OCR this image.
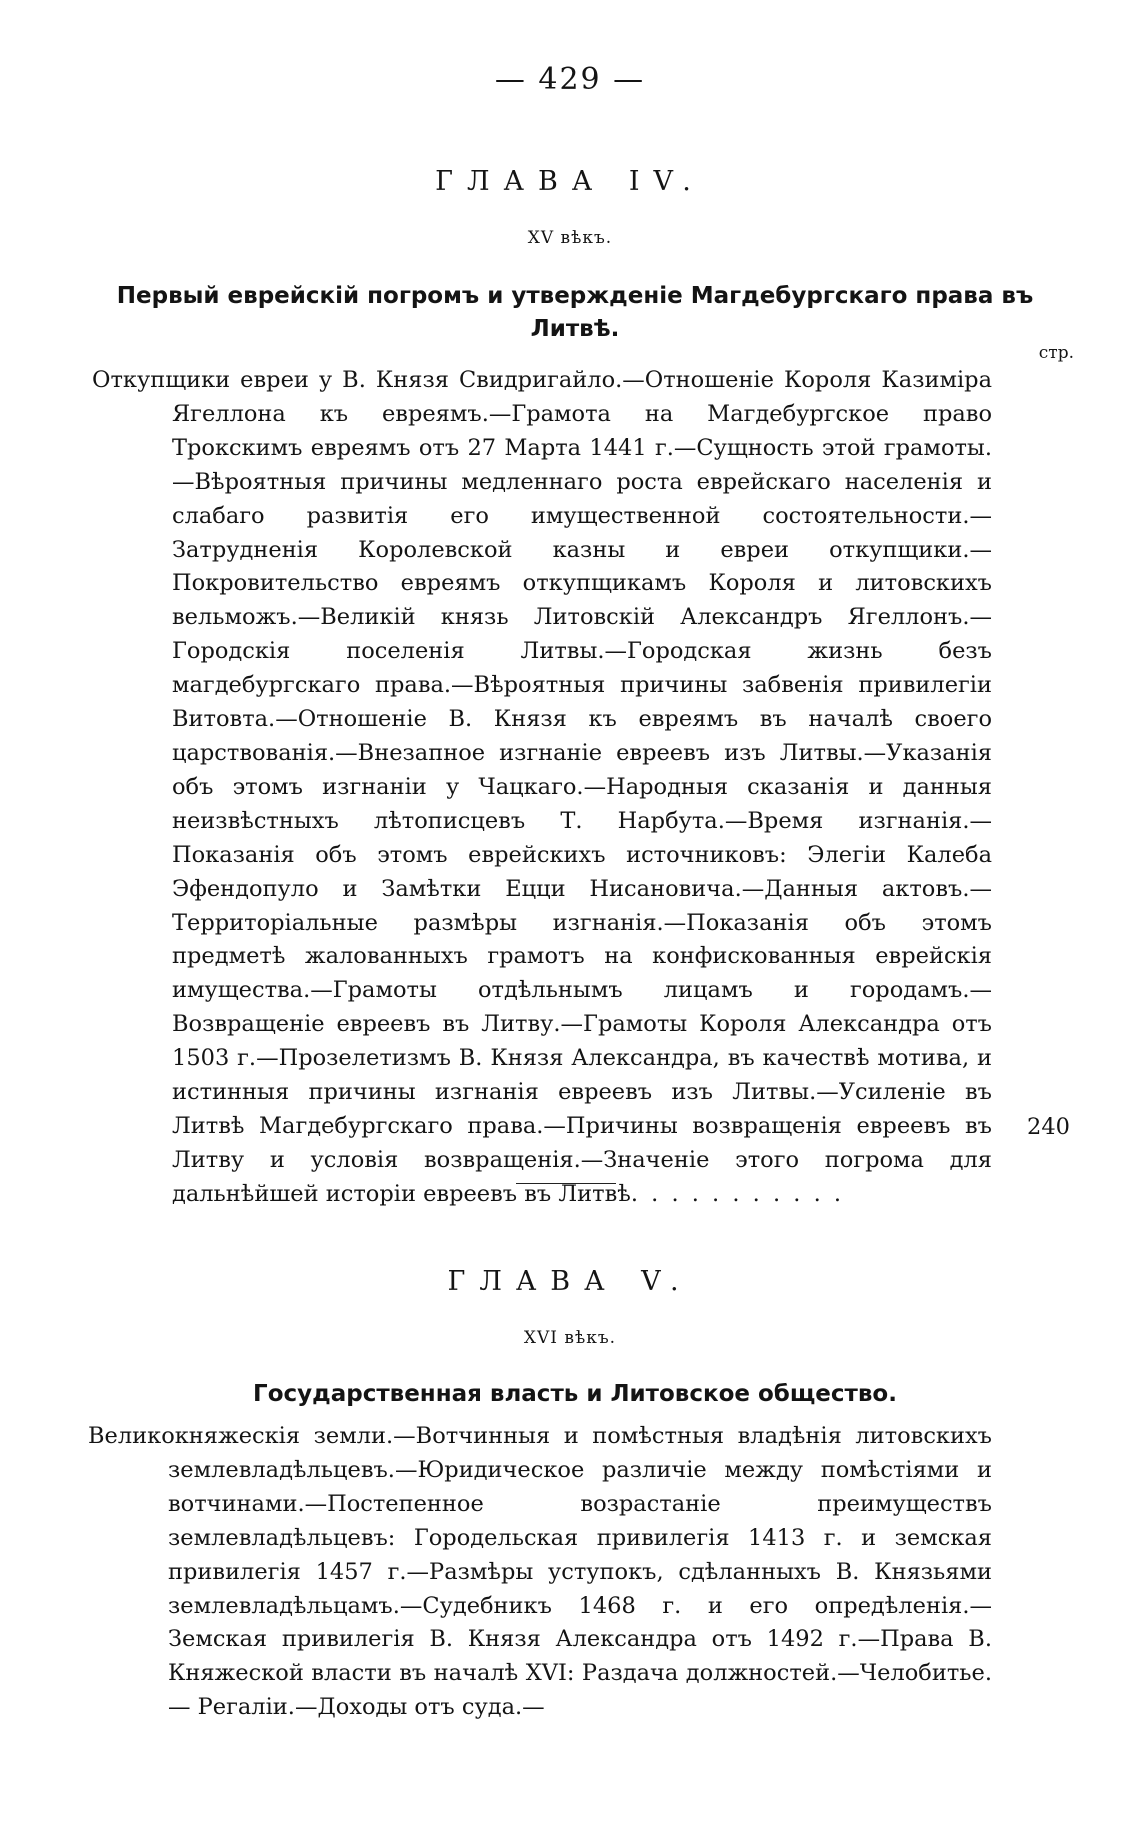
— 429 —
ГЛАВА IV.
XV вѣкъ.
Первый еврейскій погромъ и утвержденіе Магдебургскаго права въ Литвѣ.
стр.
Откупщики евреи у В. Князя Свидригайло.—Отношеніе Короля Казиміра Ягеллона къ евреямъ.—Грамота на Магдебургское право Трокскимъ евреямъ отъ 27 Марта 1441 г.—Сущность этой грамоты.—Вѣроятныя причины медленнаго роста еврейскаго населенія и слабаго развитія его имущественной состоятельности.—Затрудненія Королевской казны и евреи откупщики.—Покровительство евреямъ откупщикамъ Короля и литовскихъ вельможъ.—Великій князь Литовскій Александръ Ягеллонъ.—Городскія поселенія Литвы.—Городская жизнь безъ магдебургскаго права.—Вѣроятныя причины забвенія привилегіи Витовта.—Отношеніе В. Князя къ евреямъ въ началѣ своего царствованія.—Внезапное изгнаніе евреевъ изъ Литвы.—Указанія объ этомъ изгнаніи у Чацкаго.—Народныя сказанія и данныя неизвѣстныхъ лѣтописцевъ Т. Нарбута.—Время изгнанія.—Показанія объ этомъ еврейскихъ источниковъ: Элегіи Калеба Эфендопуло и Замѣтки Ецци Нисановича.—Данныя актовъ.—Территоріальные размѣры изгнанія.—Показанія объ этомъ предметѣ жалованныхъ грамотъ на конфискованныя еврейскія имущества.—Грамоты отдѣльнымъ лицамъ и городамъ.—Возвращеніе евреевъ въ Литву.—Грамоты Короля Александра отъ 1503 г.—Прозелетизмъ В. Князя Александра, въ качествѣ мотива, и истинныя причины изгнанія евреевъ изъ Литвы.—Усиленіе въ Литвѣ Магдебургскаго права.—Причины возвращенія евреевъ въ Литву и условія возвращенія.—Значеніе этого погрома для дальнѣйшей исторіи евреевъ въ Литвѣ. . . . . . . . . . .
240
ГЛАВА V.
XVI вѣкъ.
Государственная власть и Литовское общество.
Великокняжескія земли.—Вотчинныя и помѣстныя владѣнія литовскихъ землевладѣльцевъ.—Юридическое различіе между помѣстіями и вотчинами.—Постепенное возрастаніе преимуществъ землевладѣльцевъ: Городельская привилегія 1413 г. и земская привилегія 1457 г.—Размѣры уступокъ, сдѣланныхъ В. Князьями землевладѣльцамъ.—Судебникъ 1468 г. и его опредѣленія.—Земская привилегія В. Князя Александра отъ 1492 г.—Права В. Княжеской власти въ началѣ XVI: Раздача должностей.—Челобитье. — Регаліи.—Доходы отъ суда.—
